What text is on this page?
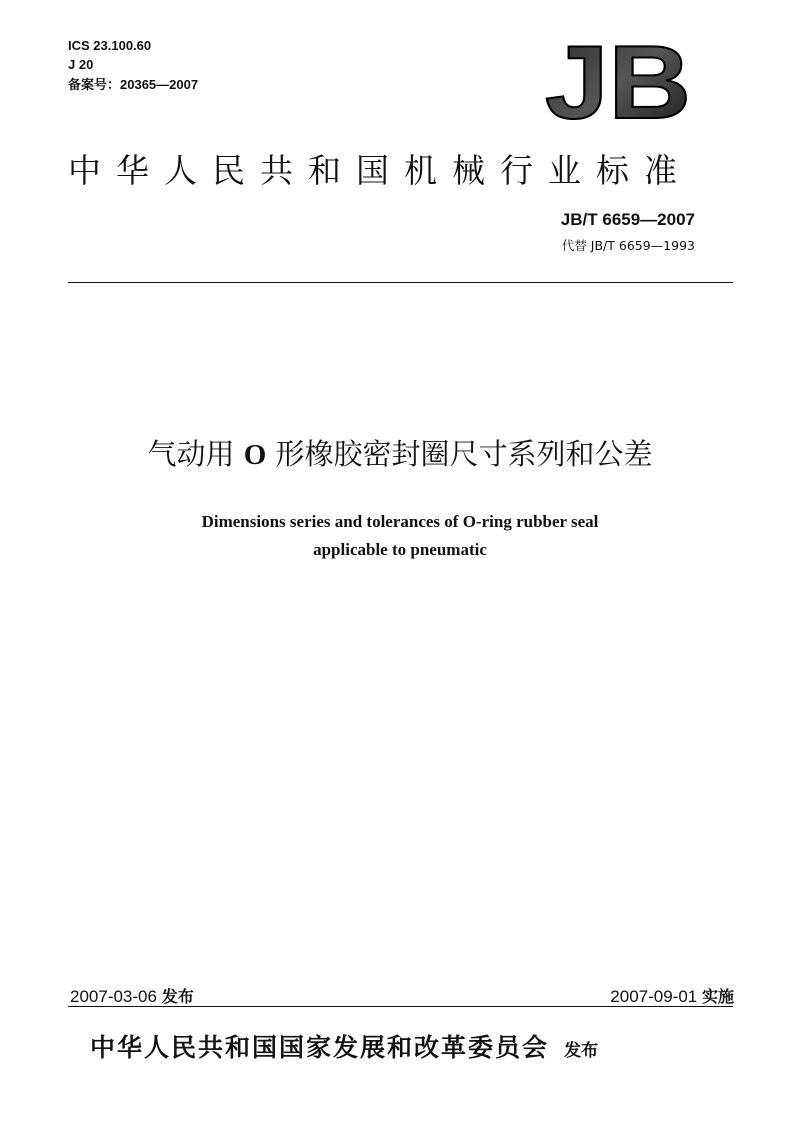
ICS 23.100.60
J 20
备案号：20365—2007	JB
中华人民共和国机械行业标准
JB/T 6659—2007
代替 JB/T 6659—1993
气动用 O 形橡胶密封圈尺寸系列和公差
Dimensions series and tolerances of O-ring rubber seal
applicable to pneumatic
2007-03-06 发布	2007-09-01 实施
中华人民共和国国家发展和改革委员会 发布
